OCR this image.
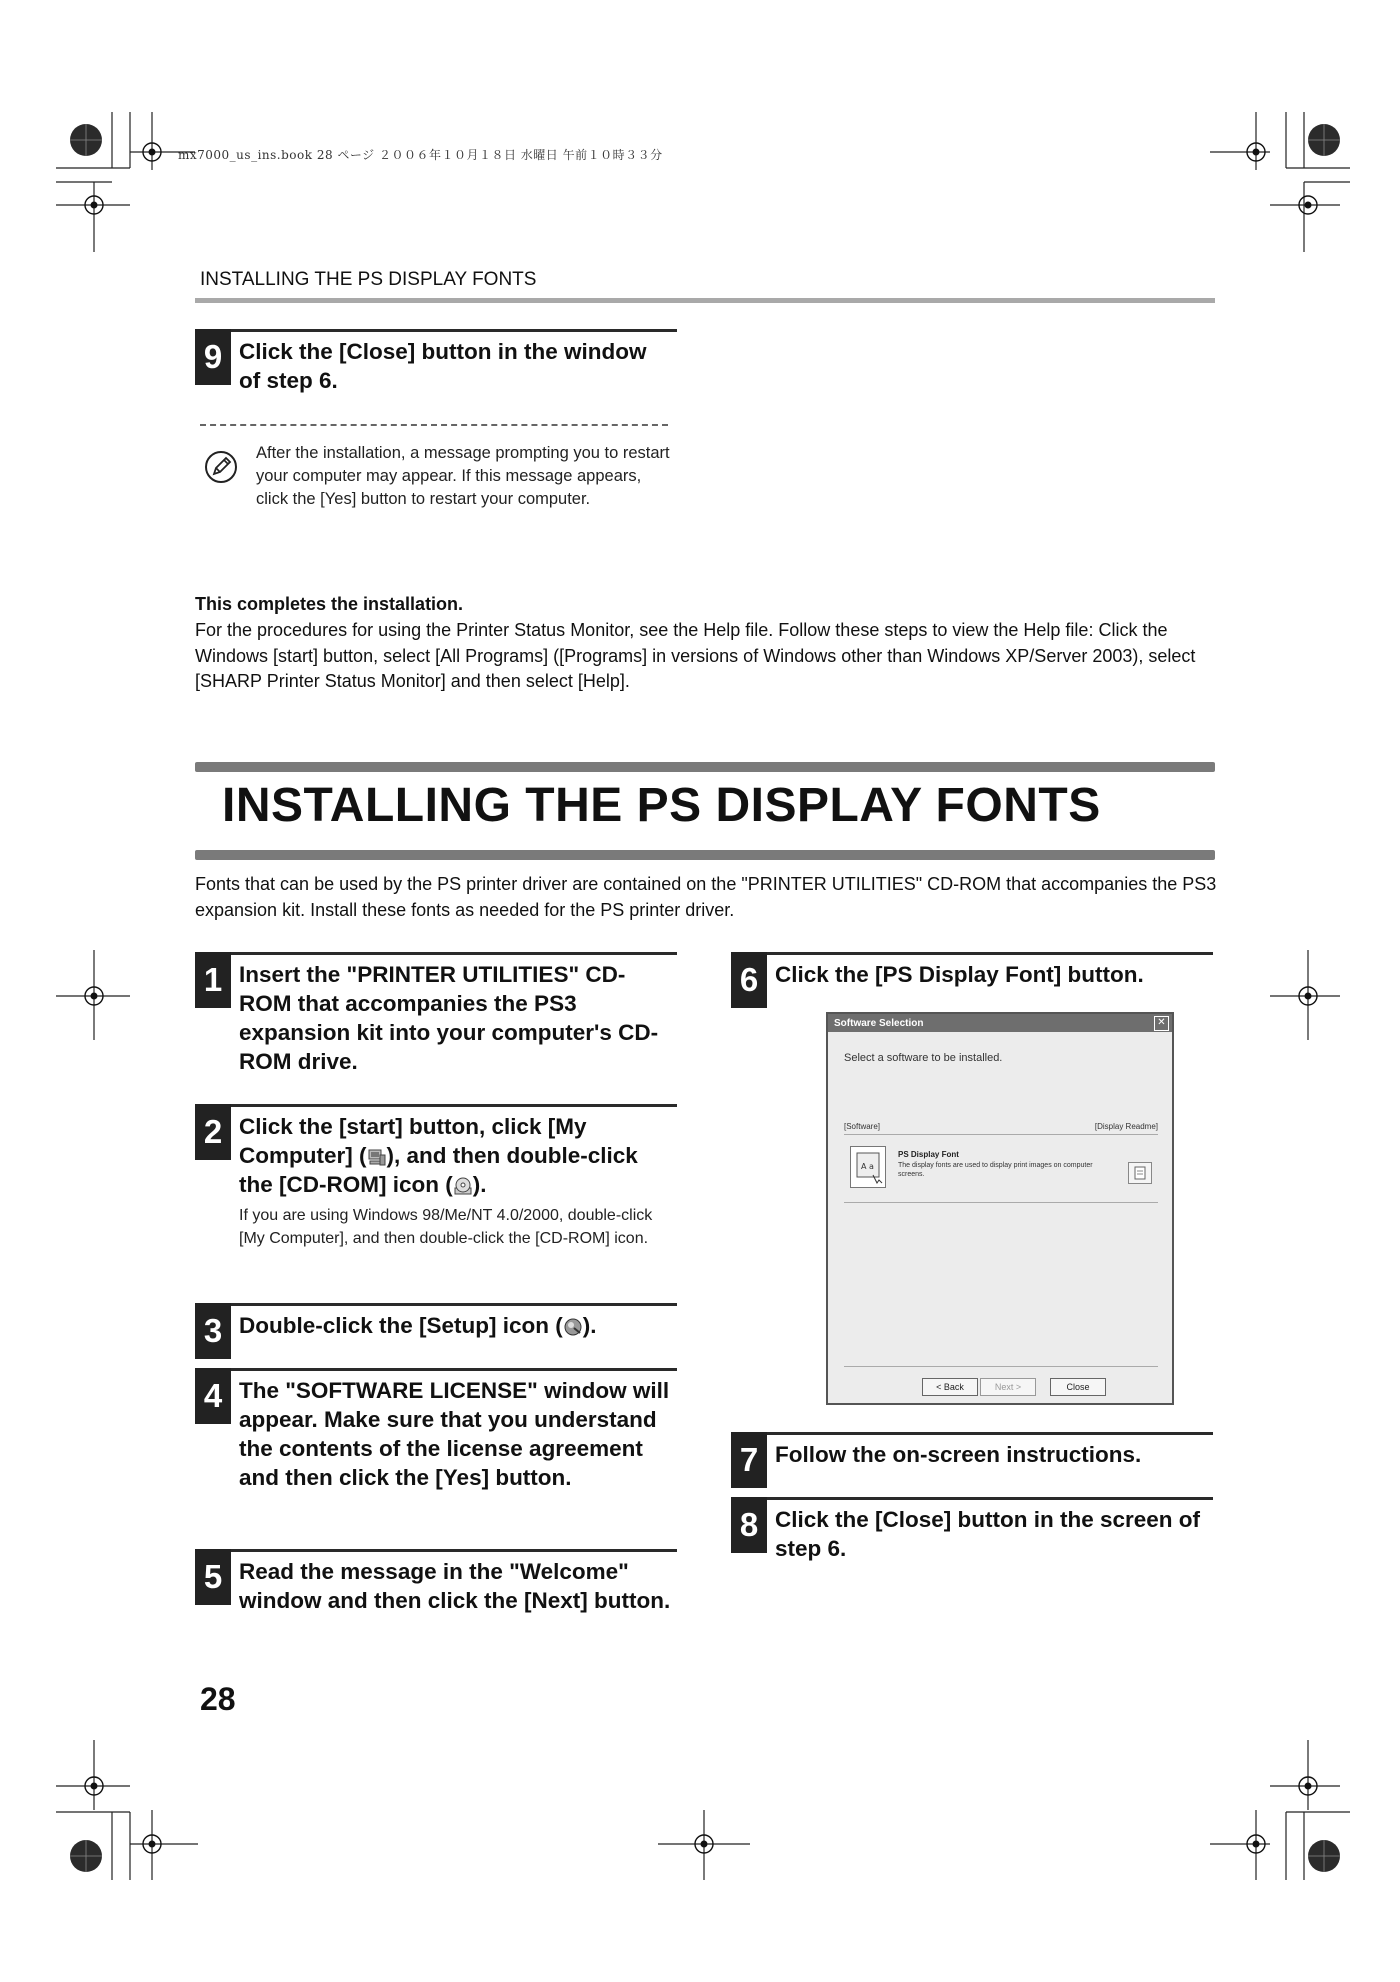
mx7000_us_ins.book 28 ページ ２００６年１０月１８日 水曜日 午前１０時３３分
INSTALLING THE PS DISPLAY FONTS
9 Click the [Close] button in the window of step 6.
After the installation, a message prompting you to restart your computer may appear. If this message appears, click the [Yes] button to restart your computer.
This completes the installation.
For the procedures for using the Printer Status Monitor, see the Help file. Follow these steps to view the Help file: Click the Windows [start] button, select [All Programs] ([Programs] in versions of Windows other than Windows XP/Server 2003), select [SHARP Printer Status Monitor] and then select [Help].
INSTALLING THE PS DISPLAY FONTS
Fonts that can be used by the PS printer driver are contained on the "PRINTER UTILITIES" CD-ROM that accompanies the PS3 expansion kit. Install these fonts as needed for the PS printer driver.
1 Insert the "PRINTER UTILITIES" CD-ROM that accompanies the PS3 expansion kit into your computer's CD-ROM drive.
2 Click the [start] button, click [My Computer] ( ), and then double-click the [CD-ROM] icon ( ).
If you are using Windows 98/Me/NT 4.0/2000, double-click [My Computer], and then double-click the [CD-ROM] icon.
3 Double-click the [Setup] icon ( ).
4 The "SOFTWARE LICENSE" window will appear. Make sure that you understand the contents of the license agreement and then click the [Yes] button.
5 Read the message in the "Welcome" window and then click the [Next] button.
6 Click the [PS Display Font] button.
Software Selection	✕
Select a software to be installed.
[Software]	[Display Readme]
A a
PS Display Font
The display fonts are used to display print images on computer screens.
< Back	Next >	Close
7 Follow the on-screen instructions.
8 Click the [Close] button in the screen of step 6.
28
